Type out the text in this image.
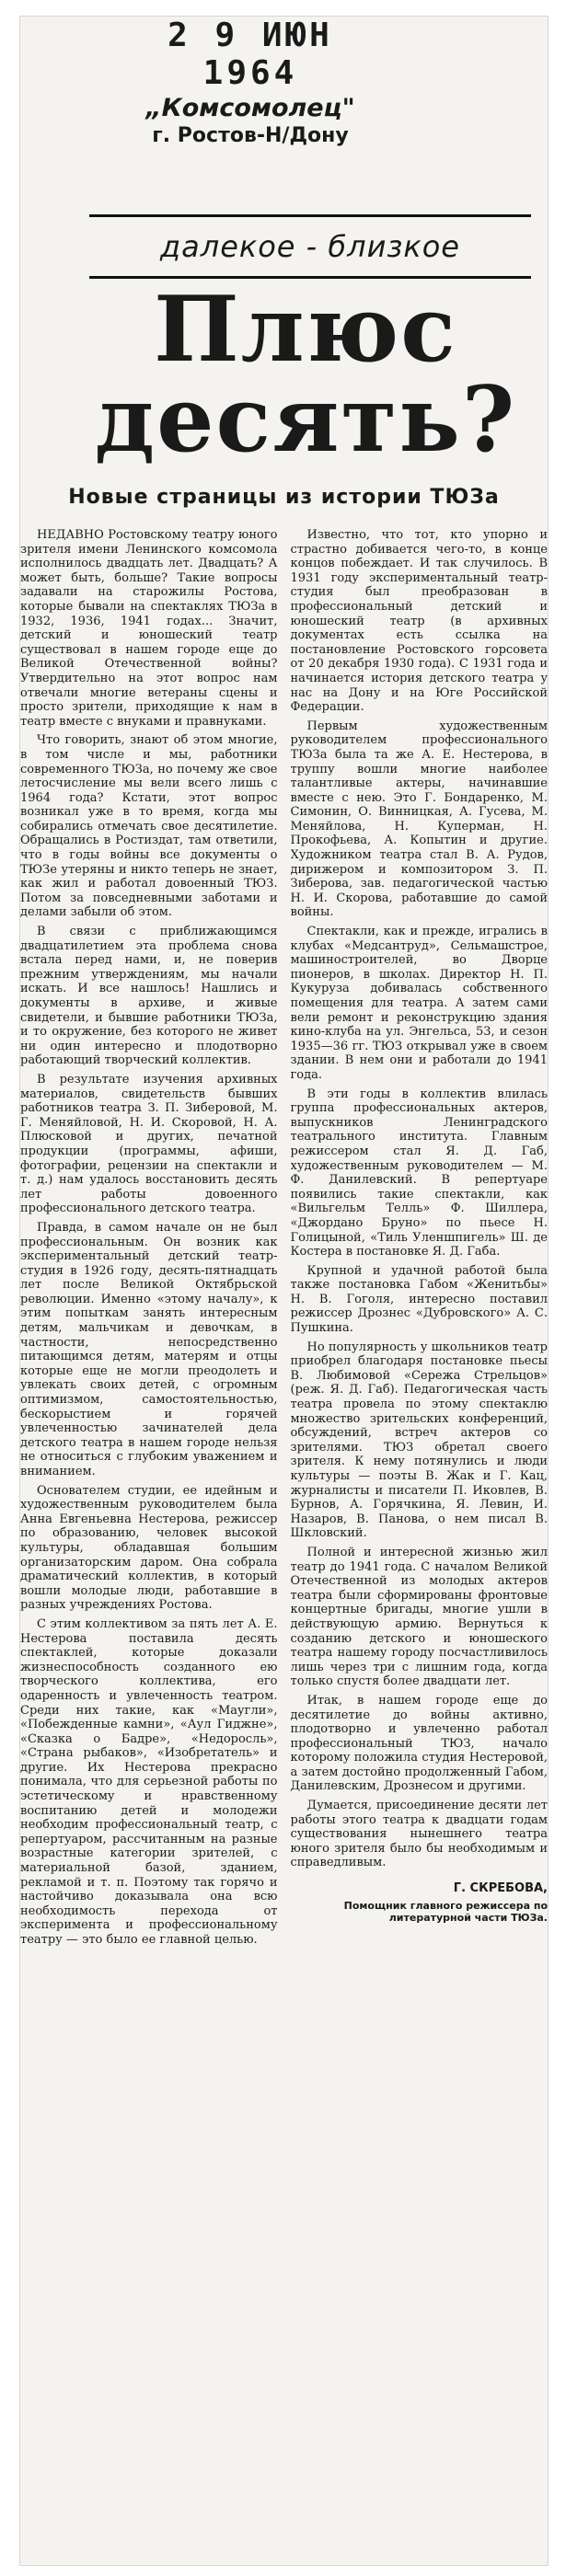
2 9 ИЮН 1964
„Комсомолец"
г. Ростов-Н/Дону
далекое - близкое
Плюс
десять?
Новые страницы из истории ТЮЗа

НЕДАВНО Ростовскому театру юного зрителя имени Ленинского комсомола исполнилось двадцать лет. Двадцать? А может быть, больше? Такие вопросы задавали на старожилы Ростова, которые бывали на спектаклях ТЮЗа в 1932, 1936, 1941 годах... Значит, детский и юношеский театр существовал в нашем городе еще до Великой Отечественной войны? Утвердительно на этот вопрос нам отвечали многие ветераны сцены и просто зрители, приходящие к нам в театр вместе с внуками и правнуками.

Что говорить, знают об этом многие, в том числе и мы, работники современного ТЮЗа, но почему же свое летосчисление мы вели всего лишь с 1964 года? Кстати, этот вопрос возникал уже в то время, когда мы собирались отмечать свое десятилетие. Обращались в Ростиздат, там ответили, что в годы войны все документы о ТЮЗе утеряны и никто теперь не знает, как жил и работал довоенный ТЮЗ. Потом за повседневными заботами и делами забыли об этом.

В связи с приближающимся двадцатилетием эта проблема снова встала перед нами, и, не поверив прежним утверждениям, мы начали искать. И все нашлось! Нашлись и документы в архиве, и живые свидетели, и бывшие работники ТЮЗа, и то окружение, без которого не живет ни один интересно и плодотворно работающий творческий коллектив.

В результате изучения архивных материалов, свидетельств бывших работников театра З. П. Зиберовой, М. Г. Меняйловой, Н. И. Скоровой, Н. А. Плюсковой и других, печатной продукции (программы, афиши, фотографии, рецензии на спектакли и т. д.) нам удалось восстановить десять лет работы довоенного профессионального детского театра.

Правда, в самом начале он не был профессиональным. Он возник как экспериментальный детский театр-студия в 1926 году, десять-пятнадцать лет после Великой Октябрьской революции. Именно «этому началу», к этим попыткам занять интересным детям, мальчикам и девочкам, в частности, непосредственно питающимся детям, матерям и отцы которые еще не могли преодолеть и увлекать своих детей, с огромным оптимизмом, самостоятельностью, бескорыстием и горячей увлеченностью зачинателей дела детского театра в нашем городе нельзя не относиться с глубоким уважением и вниманием.

Основателем студии, ее идейным и художественным руководителем была Анна Евгеньевна Нестерова, режиссер по образованию, человек высокой культуры, обладавшая большим организаторским даром. Она собрала драматический коллектив, в который вошли молодые люди, работавшие в разных учреждениях Ростова.

С этим коллективом за пять лет А. Е. Нестерова поставила десять спектаклей, которые доказали жизнеспособность созданного ею творческого коллектива, его одаренность и увлеченность театром. Среди них такие, как «Маугли», «Побежденные камни», «Аул Гиджне», «Сказка о Бадре», «Недоросль», «Страна рыбаков», «Изобретатель» и другие. Их Нестерова прекрасно понимала, что для серьезной работы по эстетическому и нравственному воспитанию детей и молодежи необходим профессиональный театр, с репертуаром, рассчитанным на разные возрастные категории зрителей, с материальной базой, зданием, рекламой и т. п. Поэтому так горячо и настойчиво доказывала она всю необходимость перехода от эксперимента и профессиональному театру — это было ее главной целью.

Известно, что тот, кто упорно и страстно добивается чего-то, в конце концов побеждает. И так случилось. В 1931 году экспериментальный театр-студия был преобразован в профессиональный детский и юношеский театр (в архивных документах есть ссылка на постановление Ростовского горсовета от 20 декабря 1930 года). С 1931 года и начинается история детского театра у нас на Дону и на Юге Российской Федерации.

Первым художественным руководителем профессионального ТЮЗа была та же А. Е. Нестерова, в труппу вошли многие наиболее талантливые актеры, начинавшие вместе с нею. Это Г. Бондаренко, М. Симонин, О. Винницкая, А. Гусева, М. Меняйлова, Н. Куперман, Н. Прокофьева, А. Копытин и другие. Художником театра стал В. А. Рудов, дирижером и композитором З. П. Зиберова, зав. педагогической частью Н. И. Скорова, работавшие до самой войны.

Спектакли, как и прежде, игрались в клубах «Медсантруд», Сельмашстрое, машиностроителей, во Дворце пионеров, в школах. Директор Н. П. Кукуруза добивалась собственного помещения для театра. А затем сами вели ремонт и реконструкцию здания кино-клуба на ул. Энгельса, 53, и сезон 1935—36 гг. ТЮЗ открывал уже в своем здании. В нем они и работали до 1941 года.

В эти годы в коллектив влилась группа профессиональных актеров, выпускников Ленинградского театрального института. Главным режиссером стал Я. Д. Габ, художественным руководителем — М. Ф. Данилевский. В репертуаре появились такие спектакли, как «Вильгельм Телль» Ф. Шиллера, «Джордано Бруно» по пьесе Н. Голицыной, «Тиль Уленшпигель» Ш. де Костера в постановке Я. Д. Габа.

Крупной и удачной работой была также постановка Габом «Женитьбы» Н. В. Гоголя, интересно поставил режиссер Дрознес «Дубровского» А. С. Пушкина.

Но популярность у школьников театр приобрел благодаря постановке пьесы В. Любимовой «Сережа Стрельцов» (реж. Я. Д. Габ). Педагогическая часть театра провела по этому спектаклю множество зрительских конференций, обсуждений, встреч актеров со зрителями. ТЮЗ обретал своего зрителя. К нему потянулись и люди культуры — поэты В. Жак и Г. Кац, журналисты и писатели П. Иковлев, В. Бурнов, А. Горячкина, Я. Левин, И. Назаров, В. Панова, о нем писал В. Шкловский.

Полной и интересной жизнью жил театр до 1941 года. С началом Великой Отечественной из молодых актеров театра были сформированы фронтовые концертные бригады, многие ушли в действующую армию. Вернуться к созданию детского и юношеского театра нашему городу посчастливилось лишь через три с лишним года, когда только спустя более двадцати лет.

Итак, в нашем городе еще до десятилетие до войны активно, плодотворно и увлеченно работал профессиональный ТЮЗ, начало которому положила студия Нестеровой, а затем достойно продолженный Габом, Данилевским, Дрознесом и другими.

Думается, присоединение десяти лет работы этого театра к двадцати годам существования нынешнего театра юного зрителя было бы необходимым и справедливым.

Г. СКРЕБОВА,
Помощник главного режиссера по литературной части ТЮЗа.
